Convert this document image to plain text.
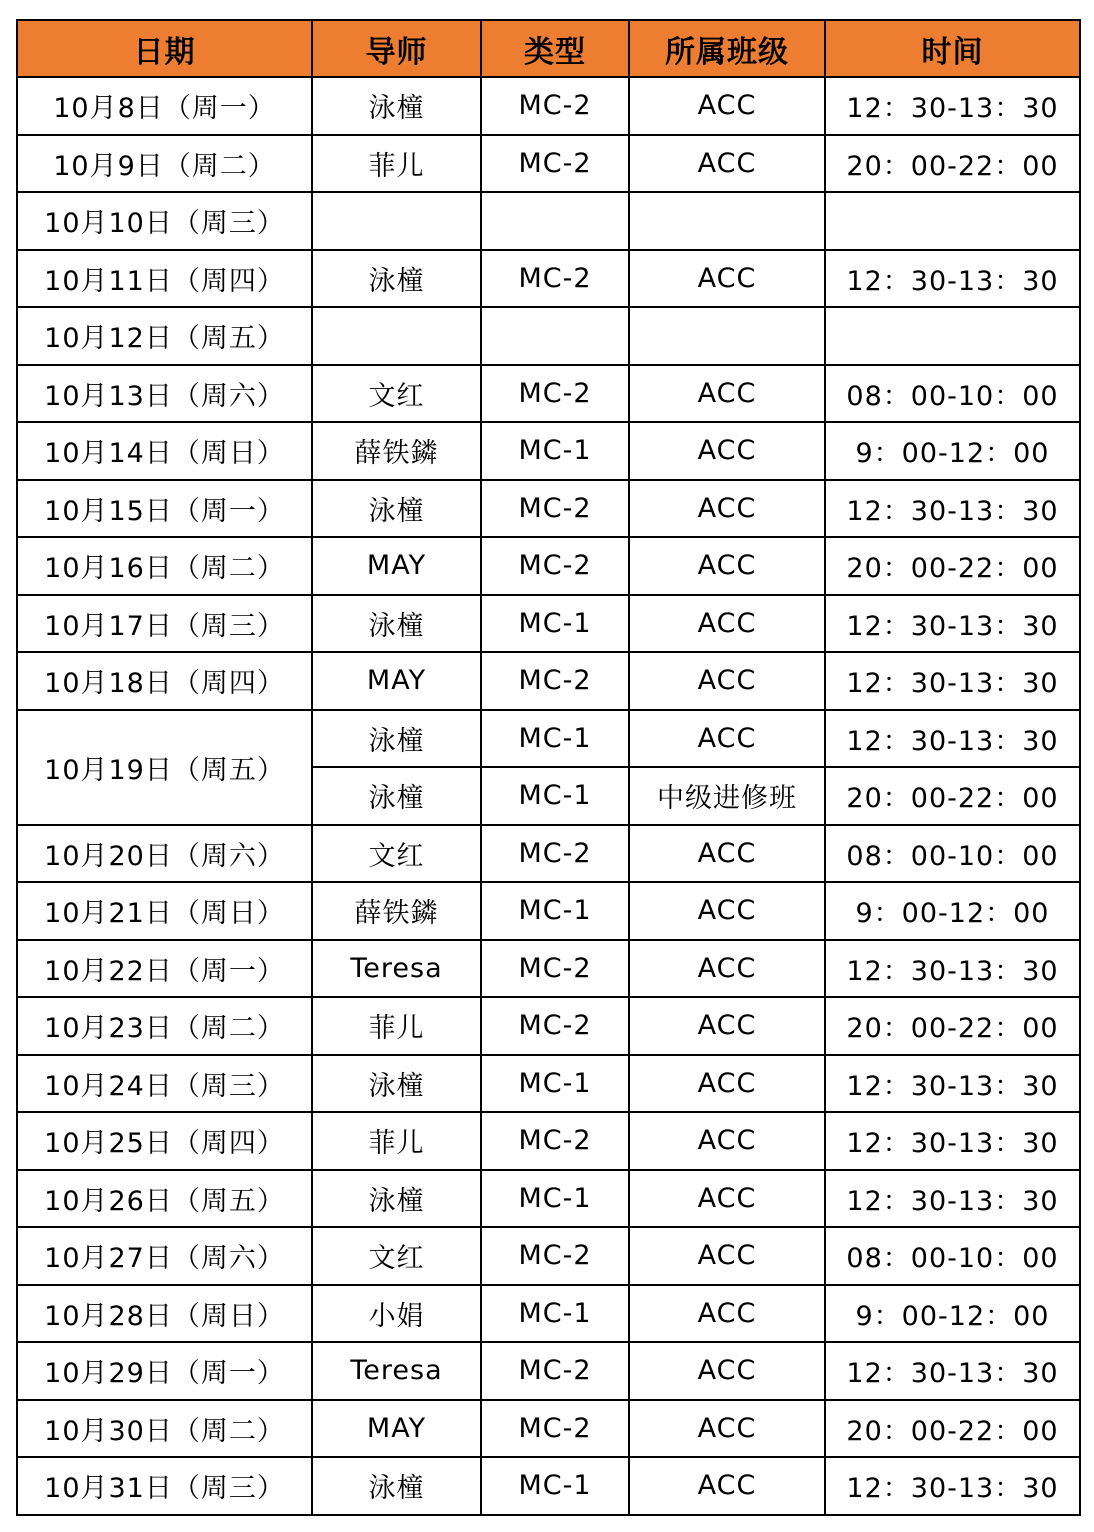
日期	导师	类型	所属班级	时间
10月8日（周一）	泳橦	MC-2	ACC	12：30-13：30
10月9日（周二）	菲儿	MC-2	ACC	20：00-22：00
10月10日（周三）				
10月11日（周四）	泳橦	MC-2	ACC	12：30-13：30
10月12日（周五）				
10月13日（周六）	文红	MC-2	ACC	08：00-10：00
10月14日（周日）	薛铁鏻	MC-1	ACC	9：00-12：00
10月15日（周一）	泳橦	MC-2	ACC	12：30-13：30
10月16日（周二）	MAY	MC-2	ACC	20：00-22：00
10月17日（周三）	泳橦	MC-1	ACC	12：30-13：30
10月18日（周四）	MAY	MC-2	ACC	12：30-13：30
10月19日（周五）	泳橦	MC-1	ACC	12：30-13：30
	泳橦	MC-1	中级进修班	20：00-22：00
10月20日（周六）	文红	MC-2	ACC	08：00-10：00
10月21日（周日）	薛铁鏻	MC-1	ACC	9：00-12：00
10月22日（周一）	Teresa	MC-2	ACC	12：30-13：30
10月23日（周二）	菲儿	MC-2	ACC	20：00-22：00
10月24日（周三）	泳橦	MC-1	ACC	12：30-13：30
10月25日（周四）	菲儿	MC-2	ACC	12：30-13：30
10月26日（周五）	泳橦	MC-1	ACC	12：30-13：30
10月27日（周六）	文红	MC-2	ACC	08：00-10：00
10月28日（周日）	小娟	MC-1	ACC	9：00-12：00
10月29日（周一）	Teresa	MC-2	ACC	12：30-13：30
10月30日（周二）	MAY	MC-2	ACC	20：00-22：00
10月31日（周三）	泳橦	MC-1	ACC	12：30-13：30
